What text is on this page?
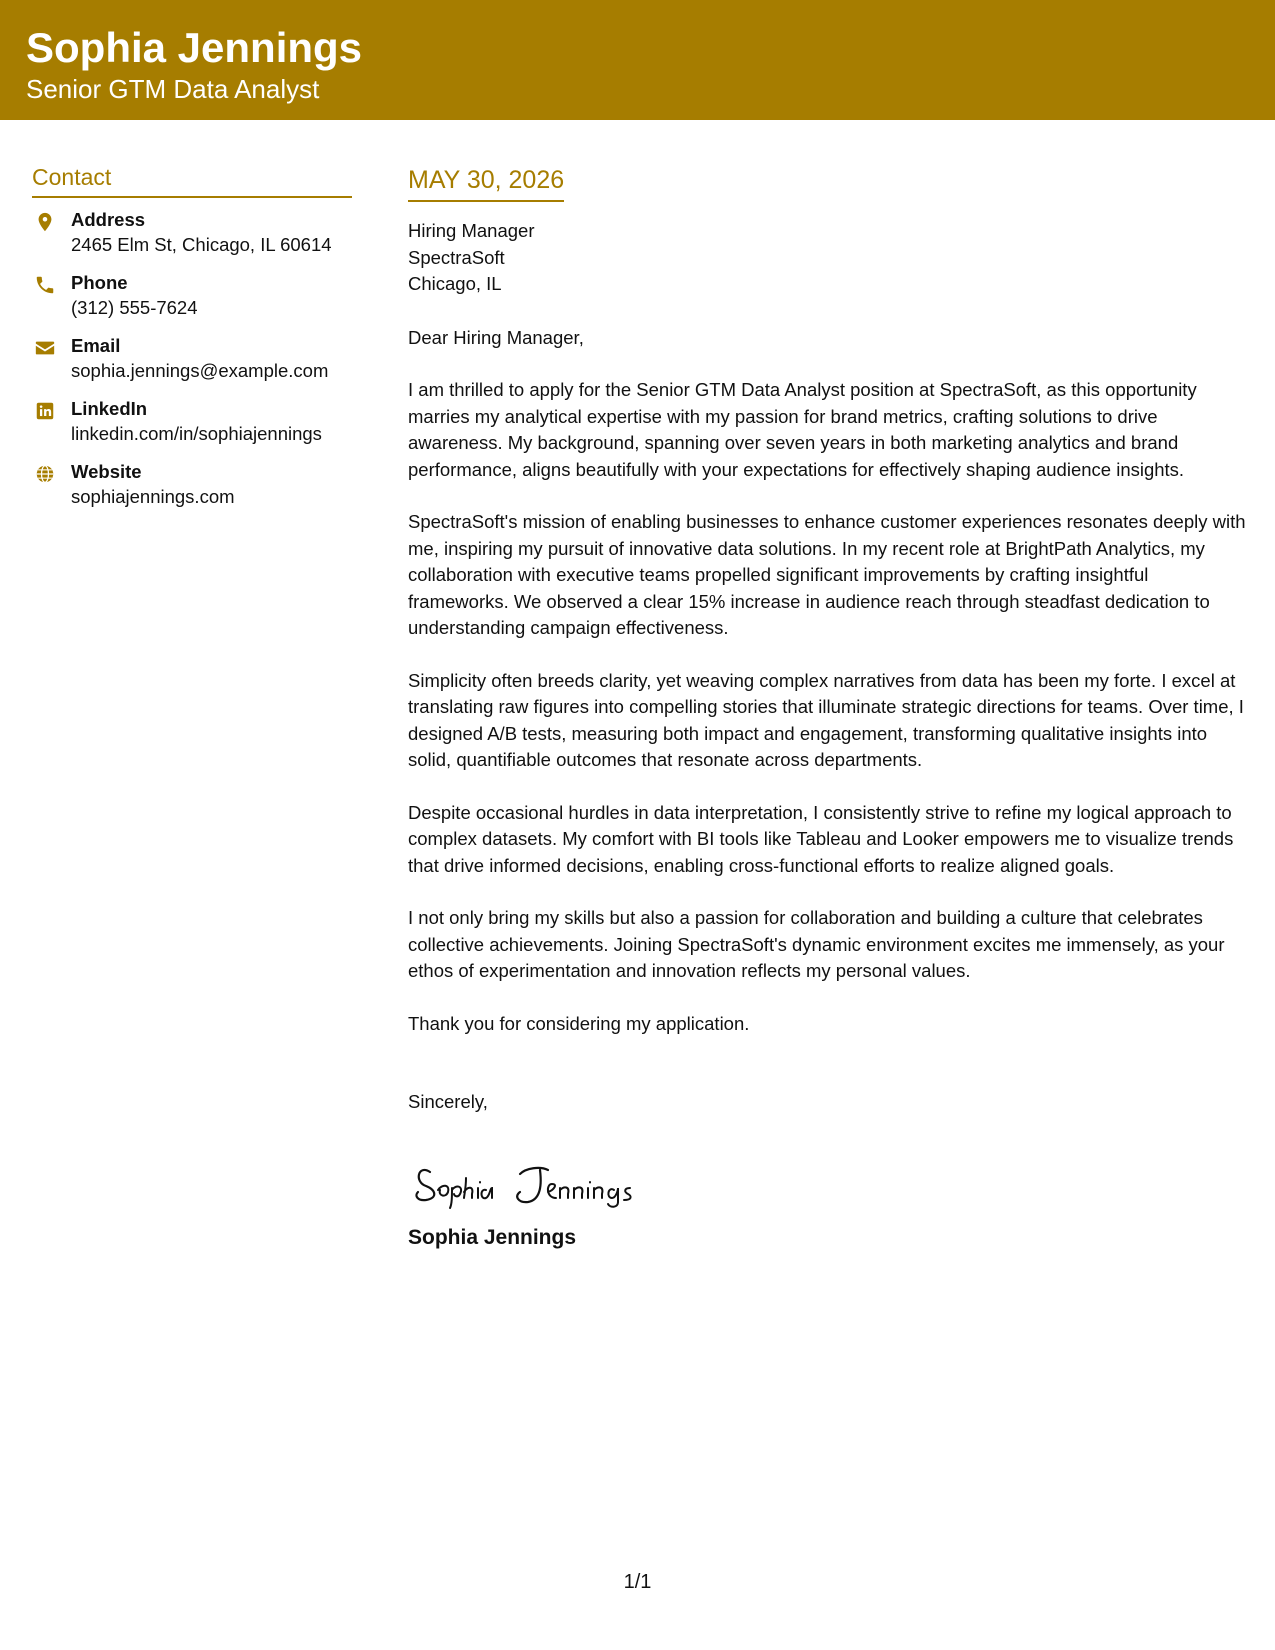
Sophia Jennings
Senior GTM Data Analyst
Contact
Address
2465 Elm St, Chicago, IL 60614
Phone
(312) 555-7624
Email
sophia.jennings@example.com
LinkedIn
linkedin.com/in/sophiajennings
Website
sophiajennings.com
MAY 30, 2026
Hiring Manager
SpectraSoft
Chicago, IL
Dear Hiring Manager,
I am thrilled to apply for the Senior GTM Data Analyst position at SpectraSoft, as this opportunity marries my analytical expertise with my passion for brand metrics, crafting solutions to drive awareness. My background, spanning over seven years in both marketing analytics and brand performance, aligns beautifully with your expectations for effectively shaping audience insights.
SpectraSoft's mission of enabling businesses to enhance customer experiences resonates deeply with me, inspiring my pursuit of innovative data solutions. In my recent role at BrightPath Analytics, my collaboration with executive teams propelled significant improvements by crafting insightful frameworks. We observed a clear 15% increase in audience reach through steadfast dedication to understanding campaign effectiveness.
Simplicity often breeds clarity, yet weaving complex narratives from data has been my forte. I excel at translating raw figures into compelling stories that illuminate strategic directions for teams. Over time, I designed A/B tests, measuring both impact and engagement, transforming qualitative insights into solid, quantifiable outcomes that resonate across departments.
Despite occasional hurdles in data interpretation, I consistently strive to refine my logical approach to complex datasets. My comfort with BI tools like Tableau and Looker empowers me to visualize trends that drive informed decisions, enabling cross-functional efforts to realize aligned goals.
I not only bring my skills but also a passion for collaboration and building a culture that celebrates collective achievements. Joining SpectraSoft's dynamic environment excites me immensely, as your ethos of experimentation and innovation reflects my personal values.
Thank you for considering my application.
Sincerely,
Sophia Jennings
1/1
